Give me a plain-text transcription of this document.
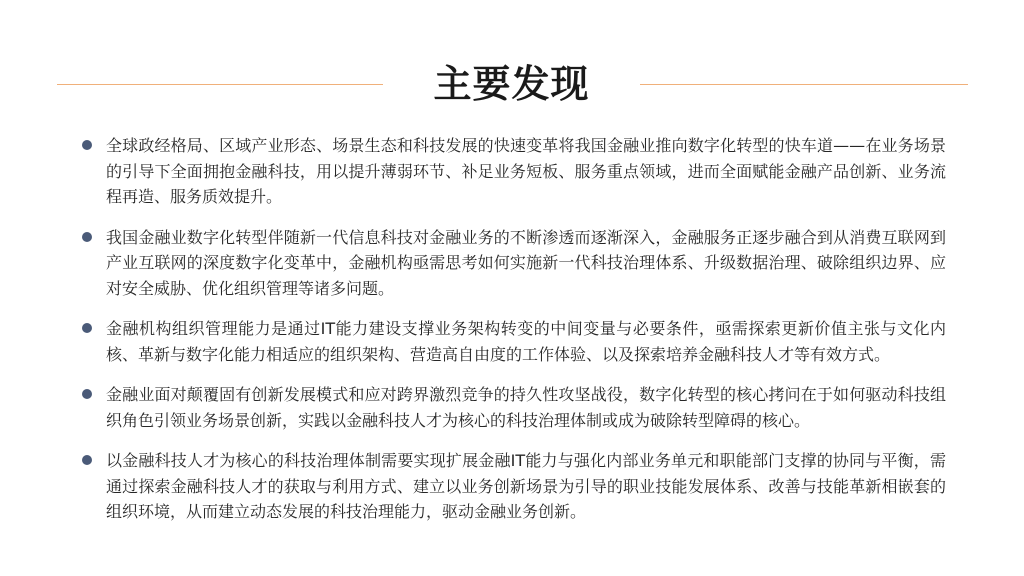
主要发现
全球政经格局、区域产业形态、场景生态和科技发展的快速变革将我国金融业推向数字化转型的快车道——在业务场景的引导下全面拥抱金融科技，用以提升薄弱环节、补足业务短板、服务重点领域，进而全面赋能金融产品创新、业务流程再造、服务质效提升。
我国金融业数字化转型伴随新一代信息科技对金融业务的不断渗透而逐渐深入，金融服务正逐步融合到从消费互联网到产业互联网的深度数字化变革中，金融机构亟需思考如何实施新一代科技治理体系、升级数据治理、破除组织边界、应对安全威胁、优化组织管理等诸多问题。
金融机构组织管理能力是通过IT能力建设支撑业务架构转变的中间变量与必要条件，亟需探索更新价值主张与文化内核、革新与数字化能力相适应的组织架构、营造高自由度的工作体验、以及探索培养金融科技人才等有效方式。
金融业面对颠覆固有创新发展模式和应对跨界激烈竞争的持久性攻坚战役，数字化转型的核心拷问在于如何驱动科技组织角色引领业务场景创新，实践以金融科技人才为核心的科技治理体制或成为破除转型障碍的核心。
以金融科技人才为核心的科技治理体制需要实现扩展金融IT能力与强化内部业务单元和职能部门支撑的协同与平衡，需通过探索金融科技人才的获取与利用方式、建立以业务创新场景为引导的职业技能发展体系、改善与技能革新相嵌套的组织环境，从而建立动态发展的科技治理能力，驱动金融业务创新。
